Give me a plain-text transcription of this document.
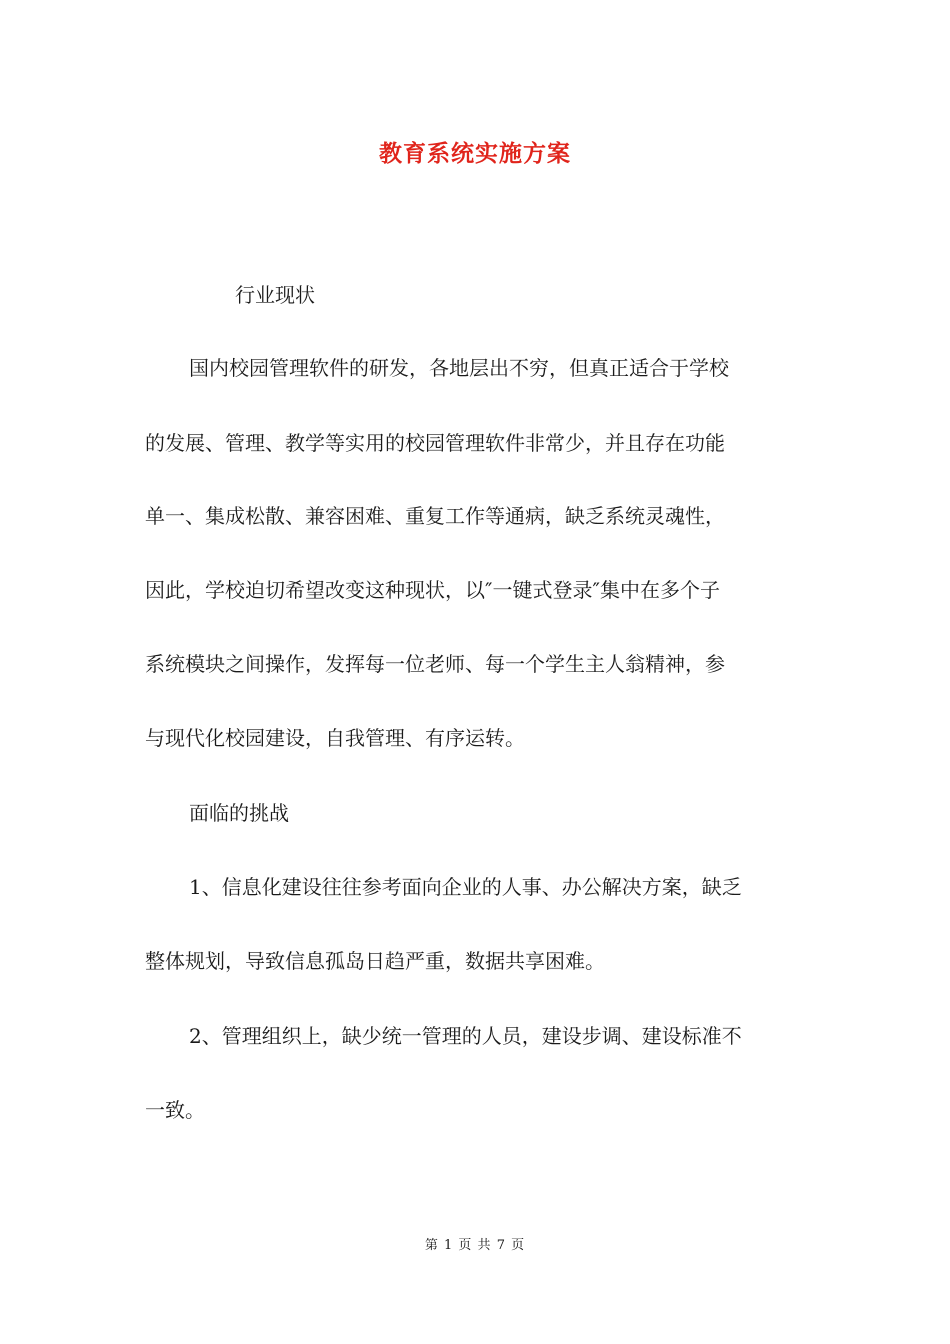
教育系统实施方案
行业现状
国内校园管理软件的研发，各地层出不穷，但真正适合于学校
的发展、管理、教学等实用的校园管理软件非常少，并且存在功能
单一、集成松散、兼容困难、重复工作等通病，缺乏系统灵魂性，
因此，学校迫切希望改变这种现状，以″一键式登录″集中在多个子
系统模块之间操作，发挥每一位老师、每一个学生主人翁精神，参
与现代化校园建设，自我管理、有序运转。
面临的挑战
1、信息化建设往往参考面向企业的人事、办公解决方案，缺乏
整体规划，导致信息孤岛日趋严重，数据共享困难。
2、管理组织上，缺少统一管理的人员，建设步调、建设标准不
一致。
第 1 页 共 7 页
